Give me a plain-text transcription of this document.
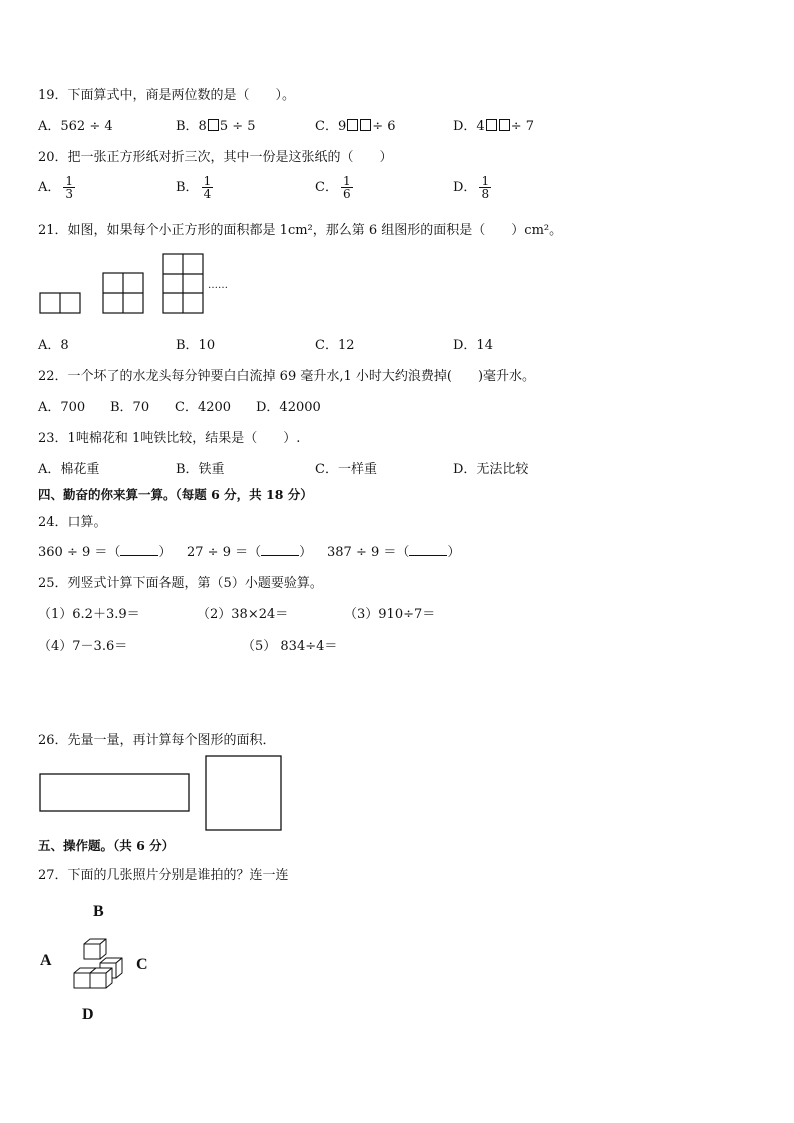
19．下面算式中，商是两位数的是（　　）。
A．562 ÷ 4	B．8 5 ÷ 5	C．9 ÷ 6	D．4 ÷ 7
20．把一张正方形纸对折三次，其中一份是这张纸的（　　）
A． $\frac{1}{3}$	B． $\frac{1}{4}$	C． $\frac{1}{6}$	D． $\frac{1}{8}$
21．如图，如果每个小正方形的面积都是 1cm²，那么第 6 组图形的面积是（　　）cm²。
……
A．8	B．10	C．12	D．14
22．一个坏了的水龙头每分钟要白白流掉 69 毫升水,1 小时大约浪费掉(　　)毫升水。
A．700 B．70 C．4200 D．42000
23．1吨棉花和 1吨铁比较，结果是（　　）.
A．棉花重	B．铁重	C．一样重	D．无法比较
四、勤奋的你来算一算。（每题 6 分，共 18 分）
24．口算。
360 ÷ 9 ＝（	） 27 ÷ 9 ＝（	） 387 ÷ 9 ＝（	）
25．列竖式计算下面各题，第（5）小题要验算。
（1）6.2＋3.9＝	（2）38×24＝	（3）910÷7＝
（4）7－3.6＝	（5） 834÷4＝
26．先量一量，再计算每个图形的面积．
五、操作题。（共 6 分）
27．下面的几张照片分别是谁拍的？连一连
B
A	C
D
